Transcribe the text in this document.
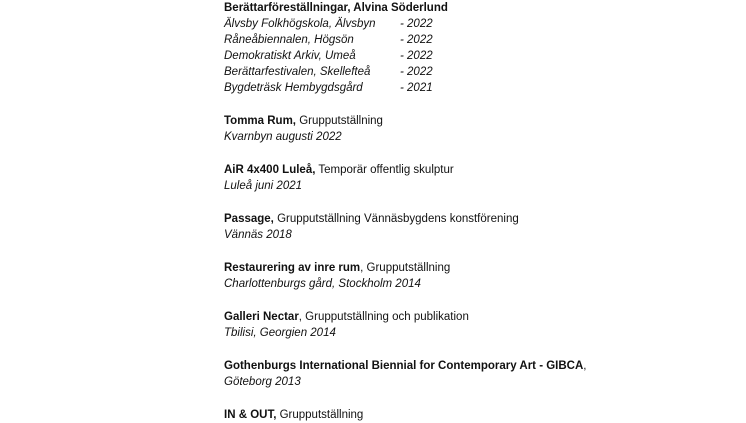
Berättarföreställningar, Alvina Söderlund
Älvsby Folkhögskola, Älvsbyn - 2022
Råneåbiennalen, Högsön	- 2022
Demokratiskt Arkiv, Umeå	- 2022
Berättarfestivalen, Skellefteå	- 2022
Bygdeträsk Hembygdsgård	- 2021
Tomma Rum, Grupputställning
Kvarnbyn augusti 2022
AiR 4x400 Luleå, Temporär offentlig skulptur
Luleå juni 2021
Passage, Grupputställning Vännäsbygdens konstförening
Vännäs 2018
Restaurering av inre rum, Grupputställning
Charlottenburgs gård, Stockholm 2014
Galleri Nectar, Grupputställning och publikation
Tbilisi, Georgien 2014
Gothenburgs International Biennial for Contemporary Art - GIBCA,
Göteborg 2013
IN & OUT, Grupputställning
